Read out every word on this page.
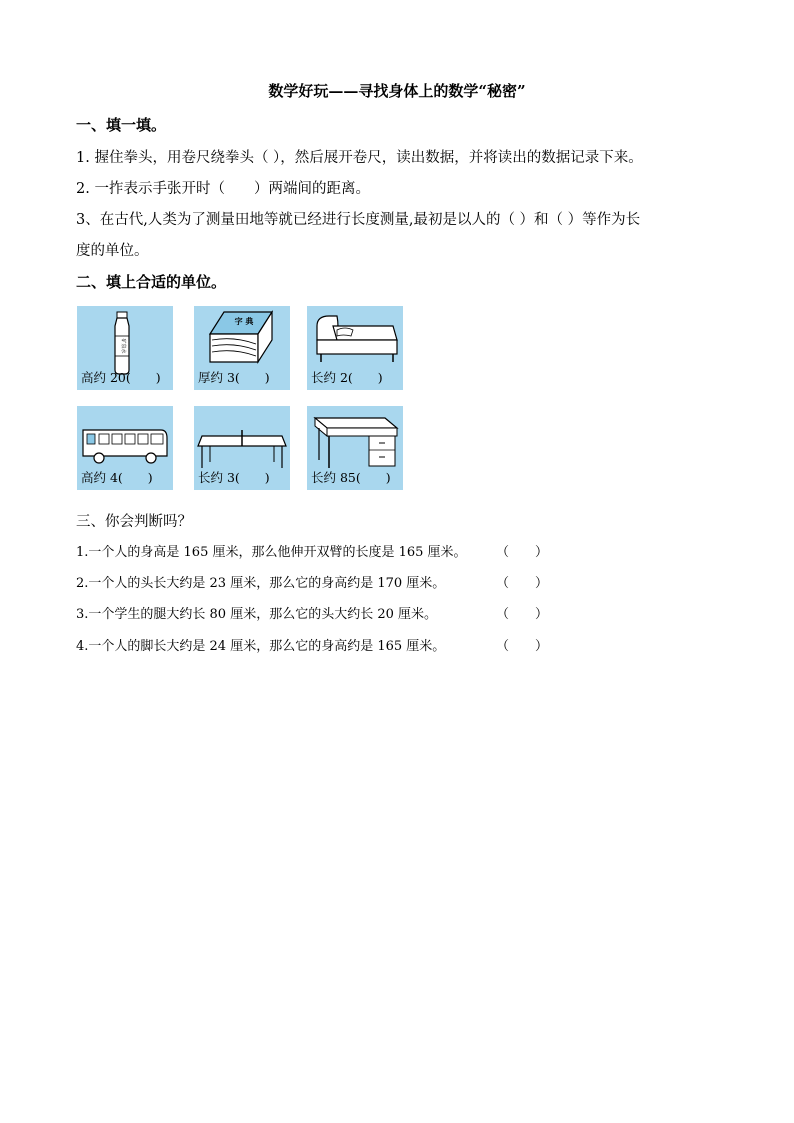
数学好玩——寻找身体上的数学“秘密”
一、填一填。
1. 握住拳头，用卷尺绕拳头（ ），然后展开卷尺，读出数据，并将读出的数据记录下来。
2. 一拃表示手张开时（　　）两端间的距离。
3、在古代,人类为了测量田地等就已经进行长度测量,最初是以人的（ ）和（ ）等作为长
度的单位。
二、填上合适的单位。
矿泉水
高约 20(　　)
字 典
厚约 3(　　)	长约 2(　　)
高约 4(　　)	长约 3(　　)	长约 85(　　)
三、你会判断吗？
1.一个人的身高是 165 厘米，那么他伸开双臂的长度是 165 厘米。 （　　）
2.一个人的头长大约是 23 厘米，那么它的身高约是 170 厘米。	（　　）
3.一个学生的腿大约长 80 厘米，那么它的头大约长 20 厘米。	（　　）
4.一个人的脚长大约是 24 厘米，那么它的身高约是 165 厘米。	（　　）
